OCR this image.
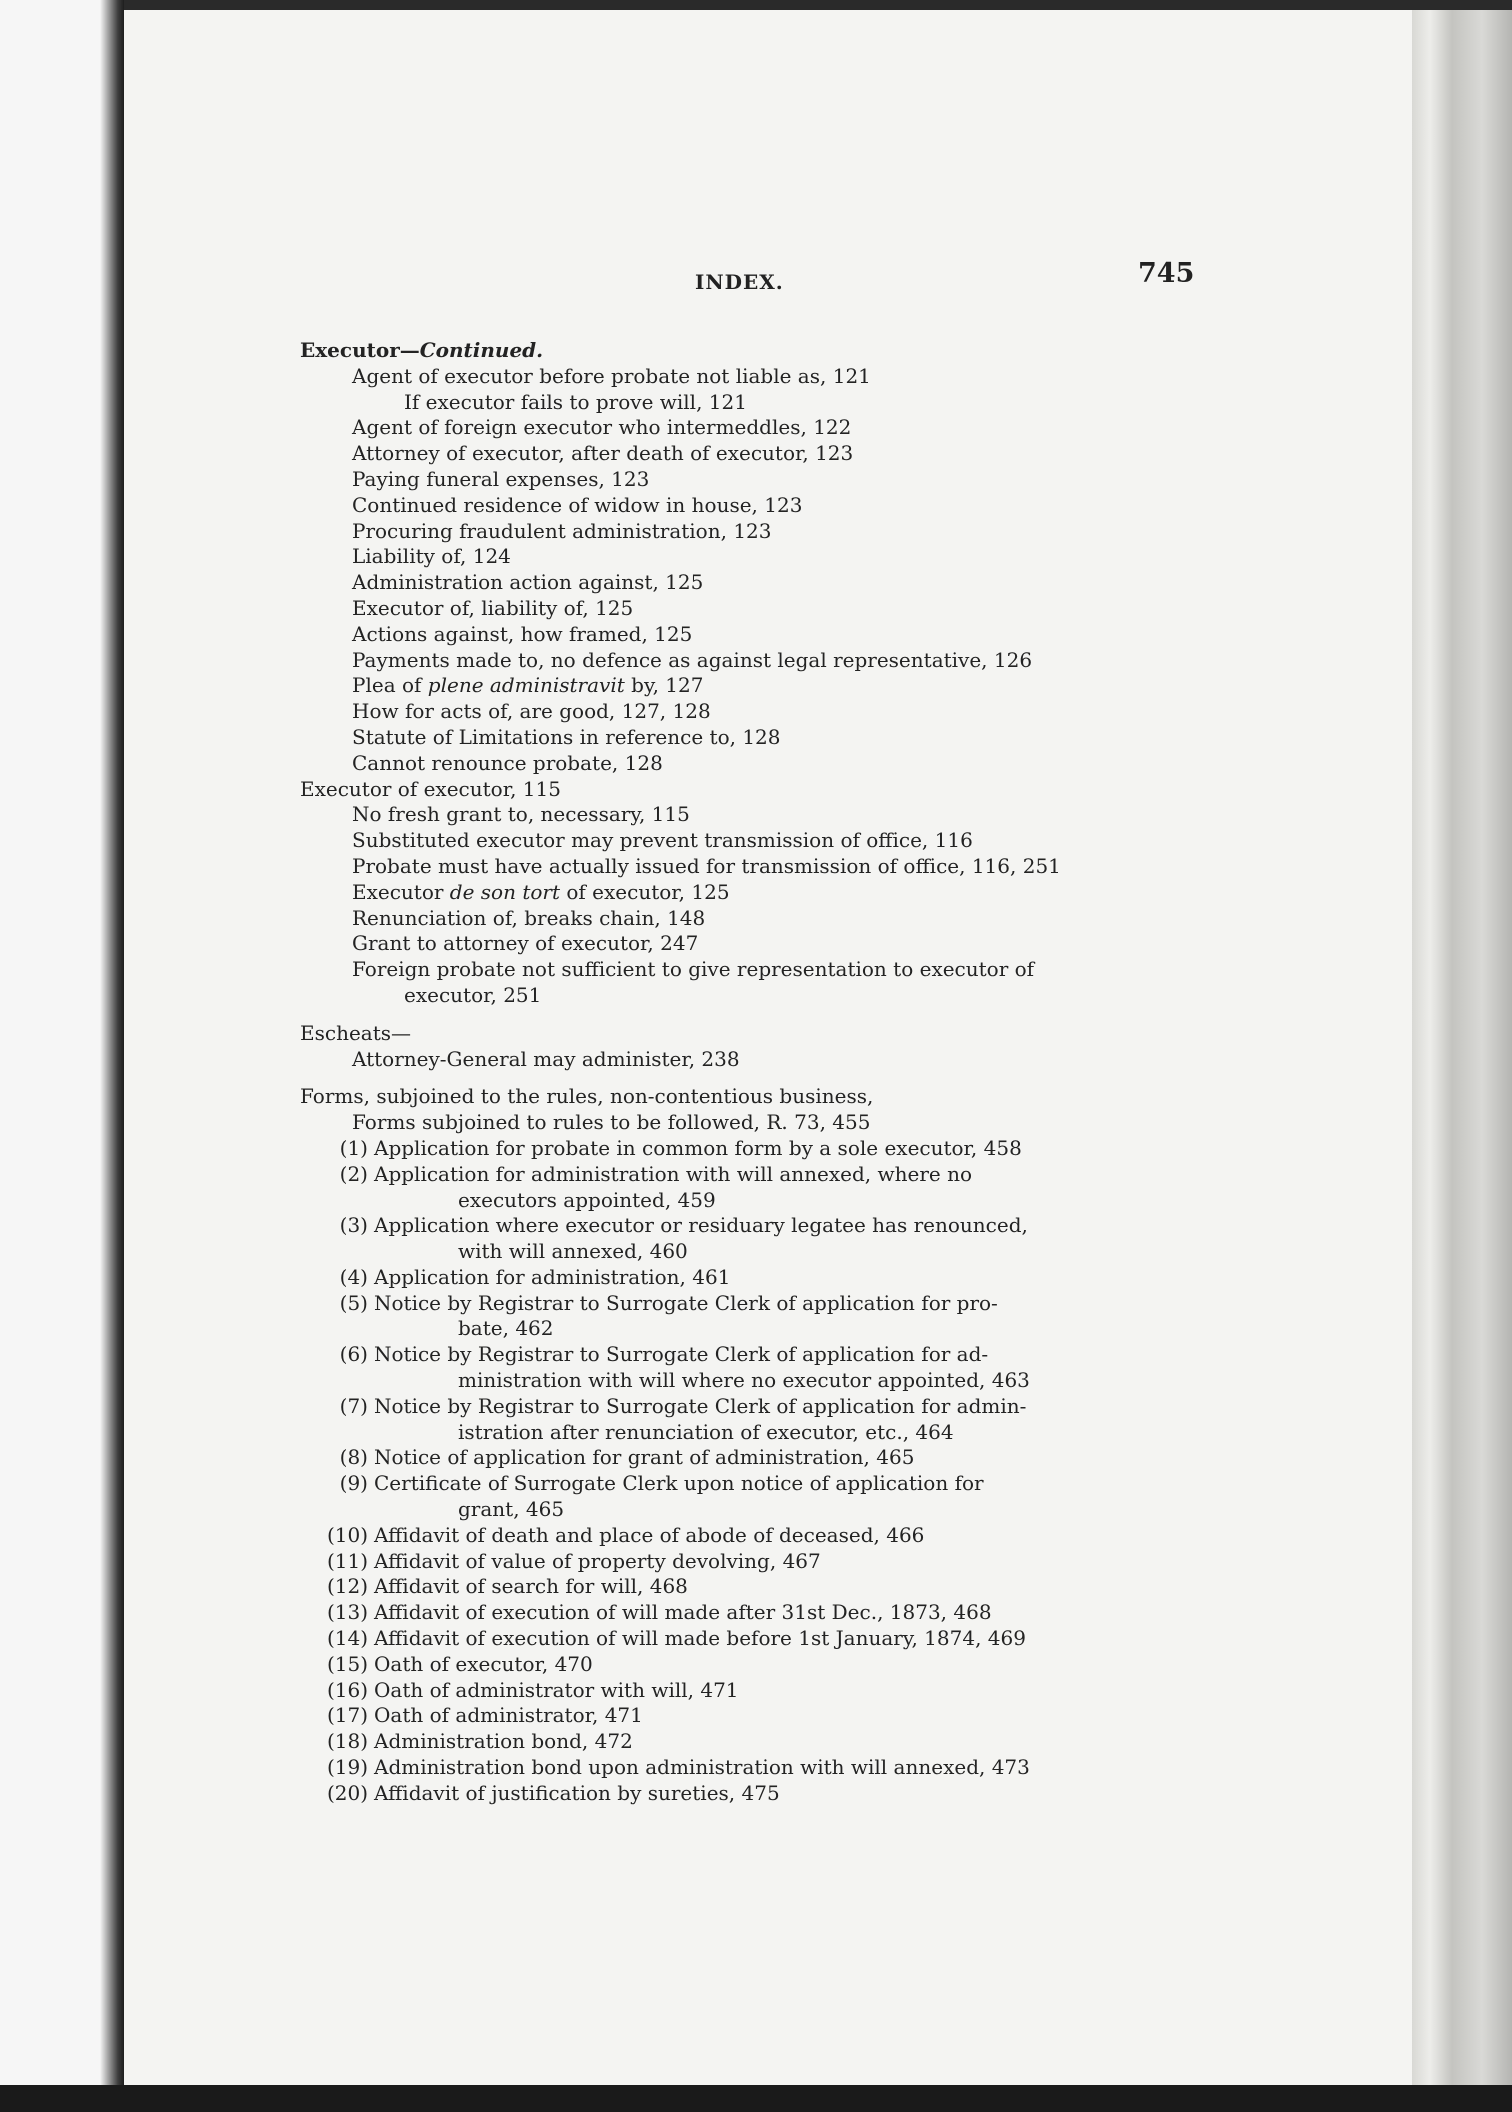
INDEX.	745
Executor—Continued.
Agent of executor before probate not liable as, 121
If executor fails to prove will, 121
Agent of foreign executor who intermeddles, 122
Attorney of executor, after death of executor, 123
Paying funeral expenses, 123
Continued residence of widow in house, 123
Procuring fraudulent administration, 123
Liability of, 124
Administration action against, 125
Executor of, liability of, 125
Actions against, how framed, 125
Payments made to, no defence as against legal representative, 126
Plea of plene administravit by, 127
How for acts of, are good, 127, 128
Statute of Limitations in reference to, 128
Cannot renounce probate, 128
Executor of executor, 115
No fresh grant to, necessary, 115
Substituted executor may prevent transmission of office, 116
Probate must have actually issued for transmission of office, 116, 251
Executor de son tort of executor, 125
Renunciation of, breaks chain, 148
Grant to attorney of executor, 247
Foreign probate not sufficient to give representation to executor of
executor, 251
Escheats—
Attorney-General may administer, 238
Forms, subjoined to the rules, non-contentious business,
Forms subjoined to rules to be followed, R. 73, 455
(1) Application for probate in common form by a sole executor, 458
(2) Application for administration with will annexed, where no
executors appointed, 459
(3) Application where executor or residuary legatee has renounced,
with will annexed, 460
(4) Application for administration, 461
(5) Notice by Registrar to Surrogate Clerk of application for pro-
bate, 462
(6) Notice by Registrar to Surrogate Clerk of application for ad-
ministration with will where no executor appointed, 463
(7) Notice by Registrar to Surrogate Clerk of application for admin-
istration after renunciation of executor, etc., 464
(8) Notice of application for grant of administration, 465
(9) Certificate of Surrogate Clerk upon notice of application for
grant, 465
(10) Affidavit of death and place of abode of deceased, 466
(11) Affidavit of value of property devolving, 467
(12) Affidavit of search for will, 468
(13) Affidavit of execution of will made after 31st Dec., 1873, 468
(14) Affidavit of execution of will made before 1st January, 1874, 469
(15) Oath of executor, 470
(16) Oath of administrator with will, 471
(17) Oath of administrator, 471
(18) Administration bond, 472
(19) Administration bond upon administration with will annexed, 473
(20) Affidavit of justification by sureties, 475
